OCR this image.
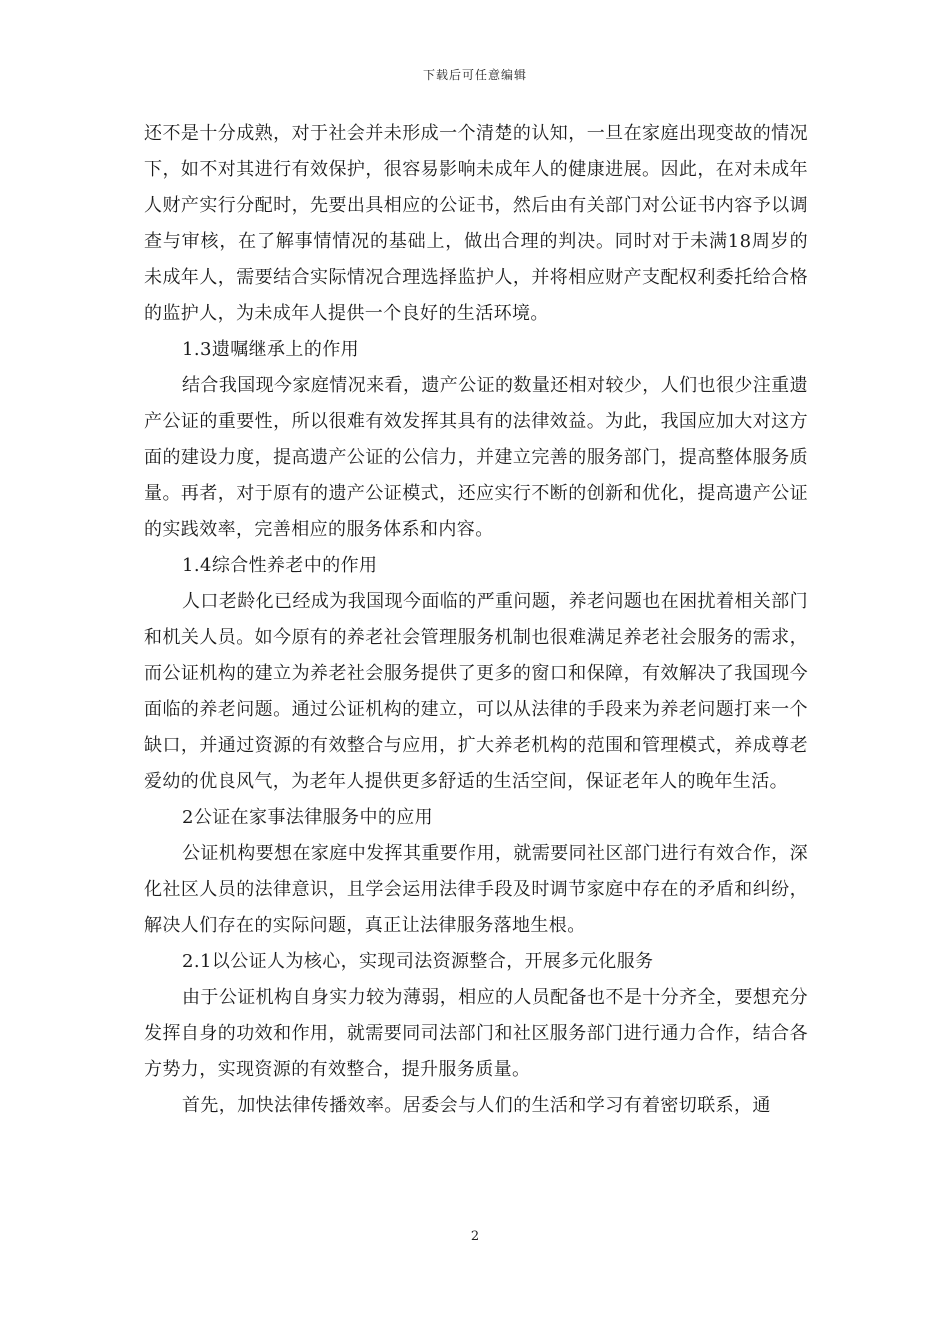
下载后可任意编辑

还不是十分成熟，对于社会并未形成一个清楚的认知，一旦在家庭出现变故的情况下，如不对其进行有效保护，很容易影响未成年人的健康进展。因此，在对未成年人财产实行分配时，先要出具相应的公证书，然后由有关部门对公证书内容予以调查与审核，在了解事情情况的基础上，做出合理的判决。同时对于未满18周岁的未成年人，需要结合实际情况合理选择监护人，并将相应财产支配权利委托给合格的监护人，为未成年人提供一个良好的生活环境。

1.3遗嘱继承上的作用

结合我国现今家庭情况来看，遗产公证的数量还相对较少，人们也很少注重遗产公证的重要性，所以很难有效发挥其具有的法律效益。为此，我国应加大对这方面的建设力度，提高遗产公证的公信力，并建立完善的服务部门，提高整体服务质量。再者，对于原有的遗产公证模式，还应实行不断的创新和优化，提高遗产公证的实践效率，完善相应的服务体系和内容。

1.4综合性养老中的作用

人口老龄化已经成为我国现今面临的严重问题，养老问题也在困扰着相关部门和机关人员。如今原有的养老社会管理服务机制也很难满足养老社会服务的需求，而公证机构的建立为养老社会服务提供了更多的窗口和保障，有效解决了我国现今面临的养老问题。通过公证机构的建立，可以从法律的手段来为养老问题打来一个缺口，并通过资源的有效整合与应用，扩大养老机构的范围和管理模式，养成尊老爱幼的优良风气，为老年人提供更多舒适的生活空间，保证老年人的晚年生活。

2公证在家事法律服务中的应用

公证机构要想在家庭中发挥其重要作用，就需要同社区部门进行有效合作，深化社区人员的法律意识，且学会运用法律手段及时调节家庭中存在的矛盾和纠纷，解决人们存在的实际问题，真正让法律服务落地生根。

2.1以公证人为核心，实现司法资源整合，开展多元化服务

由于公证机构自身实力较为薄弱，相应的人员配备也不是十分齐全，要想充分发挥自身的功效和作用，就需要同司法部门和社区服务部门进行通力合作，结合各方势力，实现资源的有效整合，提升服务质量。

首先，加快法律传播效率。居委会与人们的生活和学习有着密切联系，通

2
